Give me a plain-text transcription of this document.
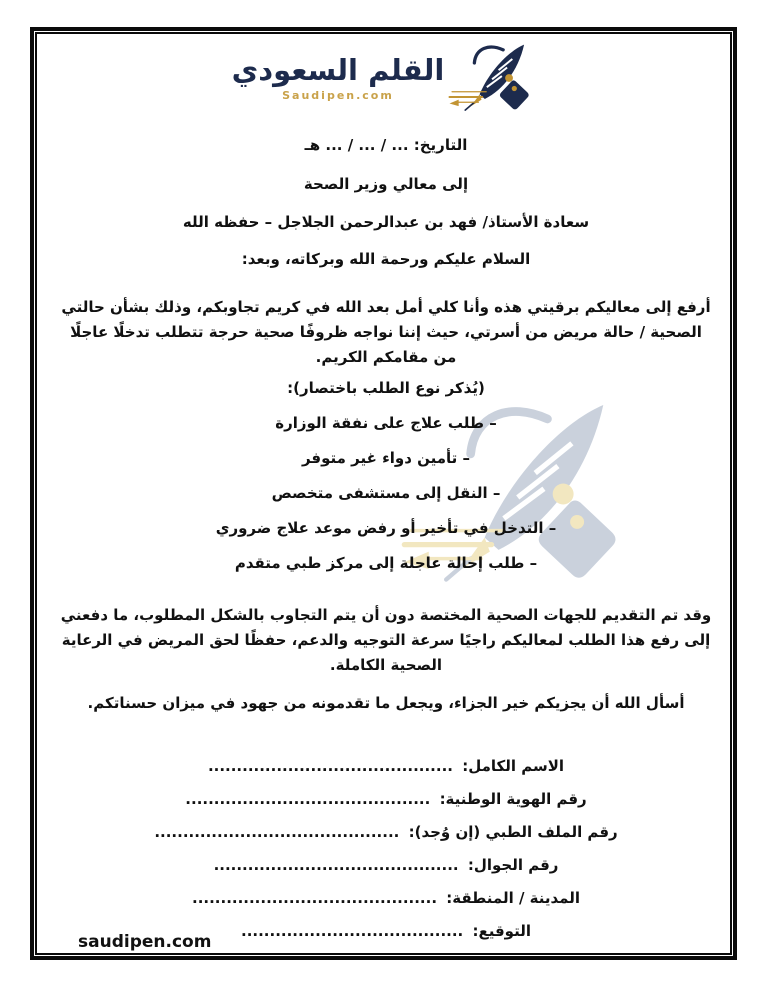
القلم السعودي
Saudipen.com

التاريخ: ... / ... / ... هـ

إلى معالي وزير الصحة

سعادة الأستاذ/ فهد بن عبدالرحمن الجلاجل – حفظه الله

السلام عليكم ورحمة الله وبركاته، وبعد:

أرفع إلى معاليكم برقيتي هذه وأنا كلي أمل بعد الله في كريم تجاوبكم، وذلك بشأن حالتي الصحية / حالة مريض من أسرتي، حيث إننا نواجه ظروفًا صحية حرجة تتطلب تدخلًا عاجلًا من مقامكم الكريم.

(يُذكر نوع الطلب باختصار):

– طلب علاج على نفقة الوزارة

– تأمين دواء غير متوفر

– النقل إلى مستشفى متخصص

– التدخل في تأخير أو رفض موعد علاج ضروري

– طلب إحالة عاجلة إلى مركز طبي متقدم

وقد تم التقديم للجهات الصحية المختصة دون أن يتم التجاوب بالشكل المطلوب، ما دفعني إلى رفع هذا الطلب لمعاليكم راجيًا سرعة التوجيه والدعم، حفظًا لحق المريض في الرعاية الصحية الكاملة.

أسأل الله أن يجزيكم خير الجزاء، ويجعل ما تقدمونه من جهود في ميزان حسناتكم.

الاسم الكامل: ...........................................
رقم الهوية الوطنية: ...........................................
رقم الملف الطبي (إن وُجد): ...........................................
رقم الجوال: ...........................................
المدينة / المنطقة: ...........................................
التوقيع: .......................................
saudipen.com
